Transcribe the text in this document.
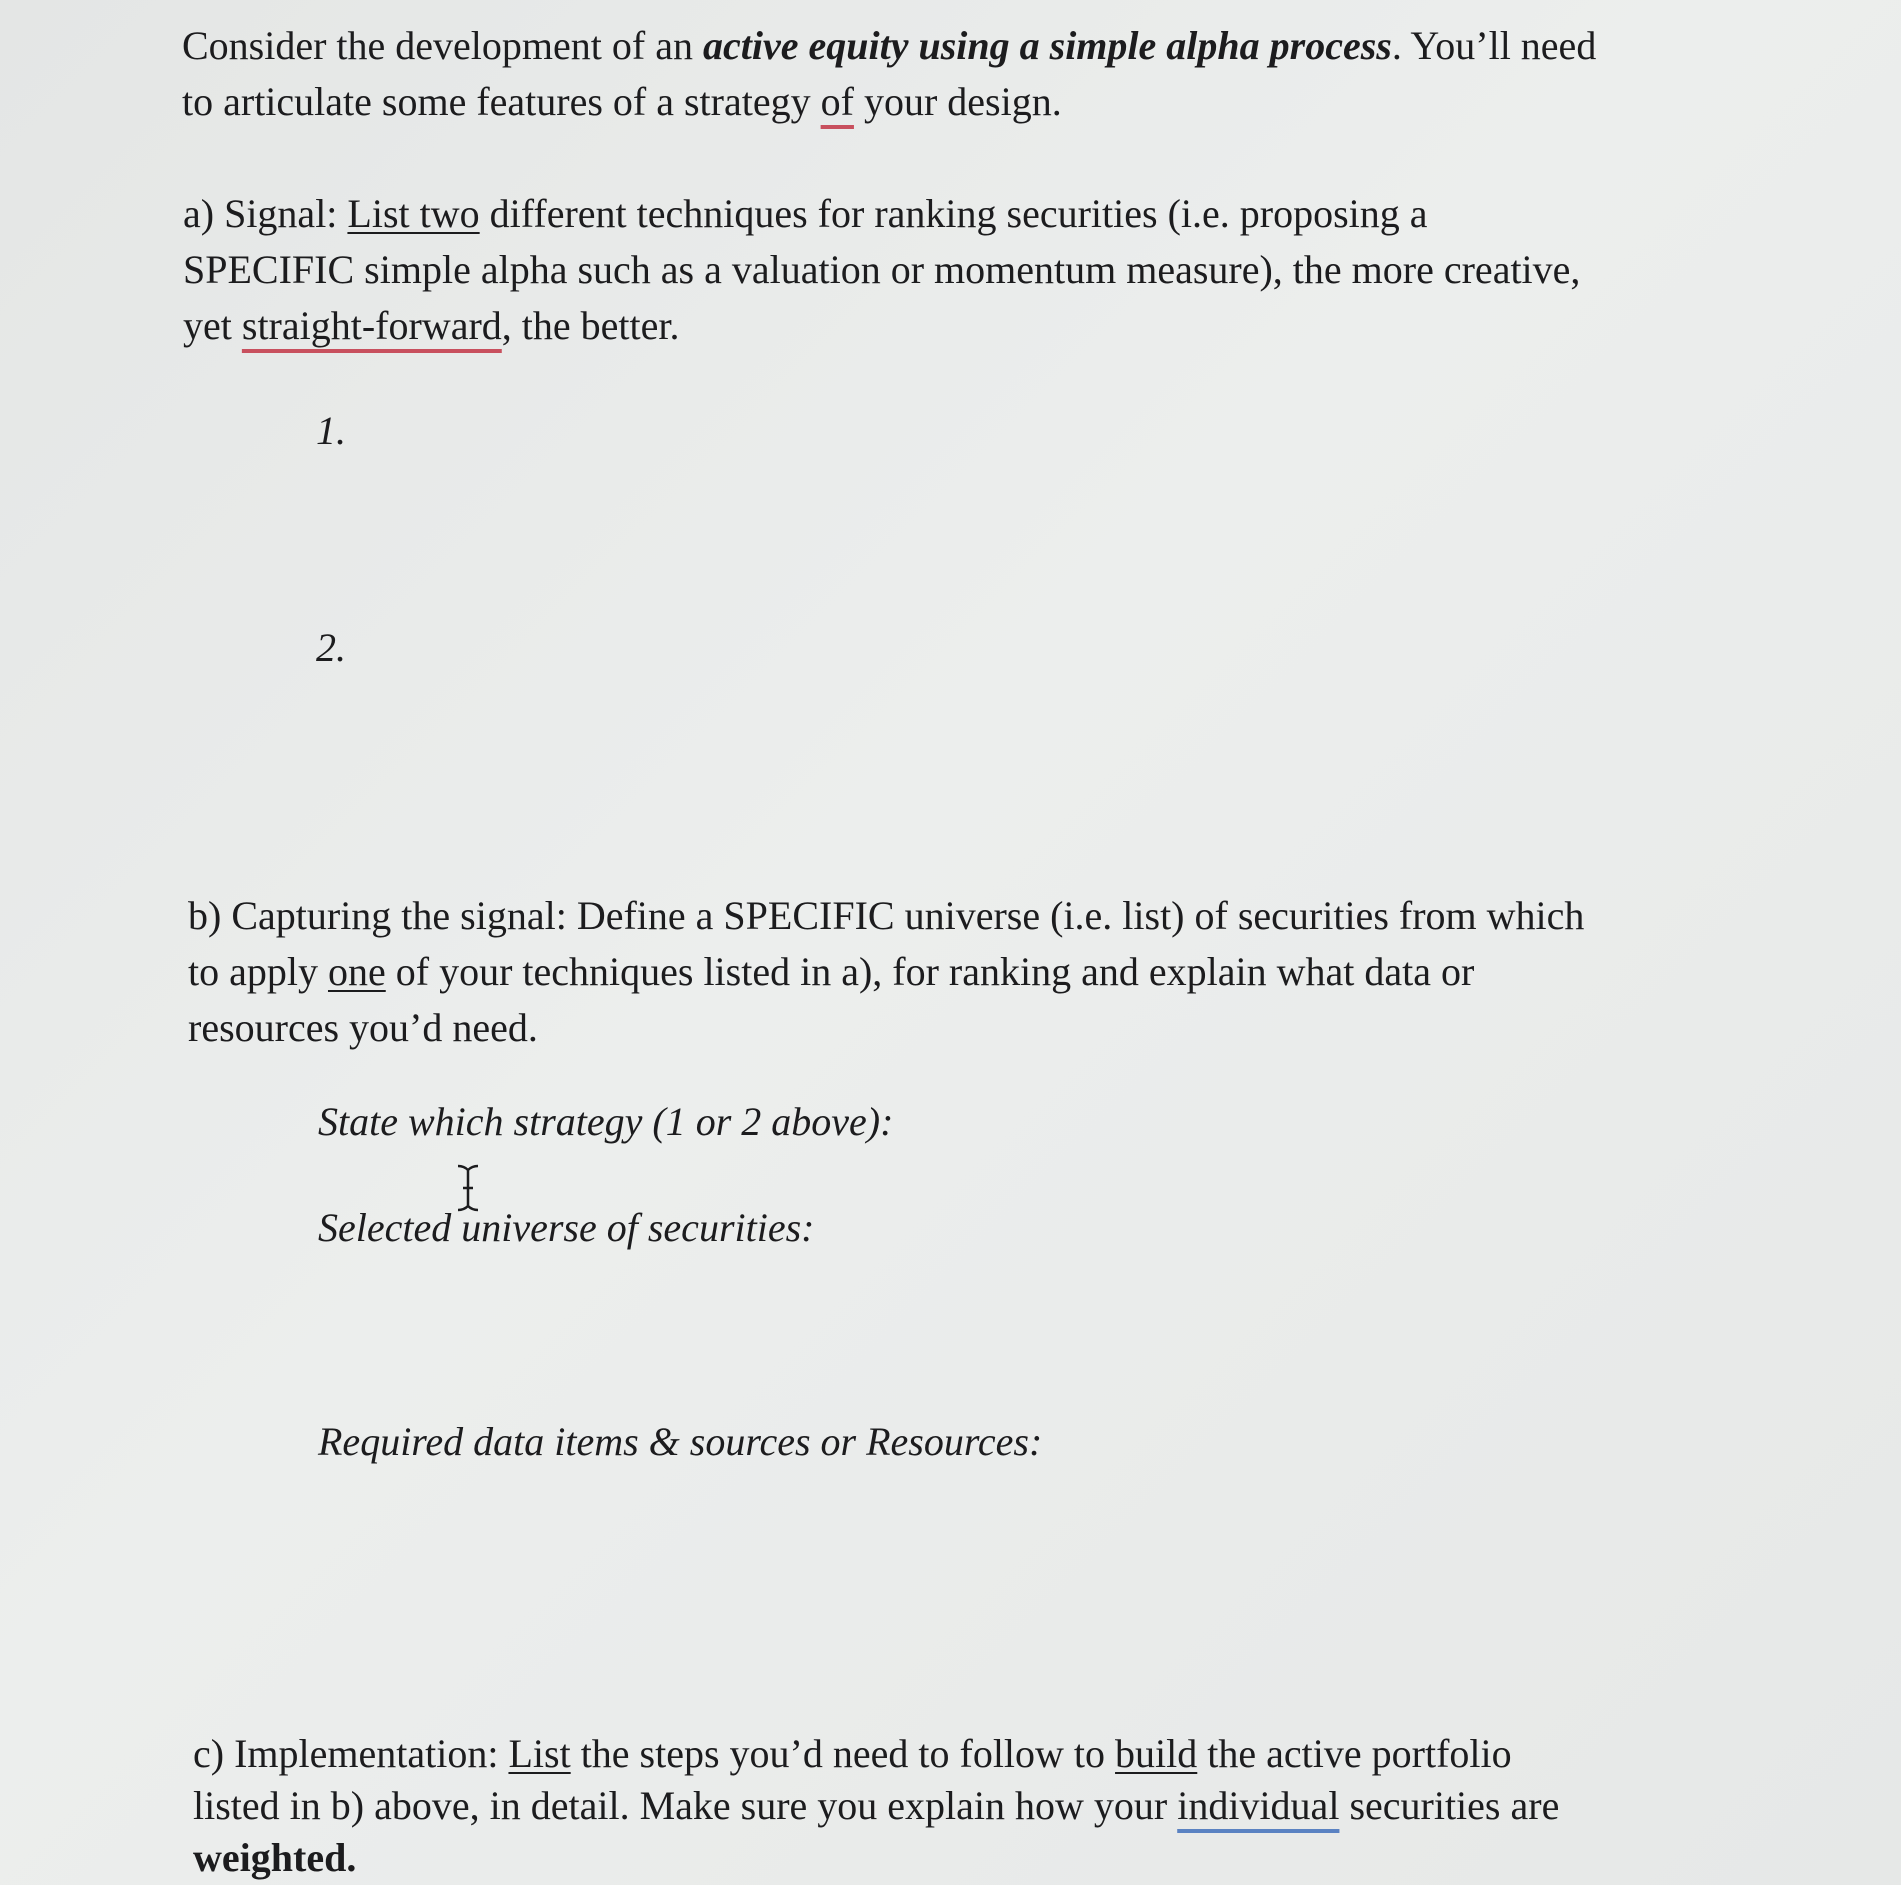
Consider the development of an active equity using a simple alpha process. You’ll need
to articulate some features of a strategy of your design.
a) Signal: List two different techniques for ranking securities (i.e. proposing a
SPECIFIC simple alpha such as a valuation or momentum measure), the more creative,
yet straight-forward, the better.
1.
2.
b) Capturing the signal: Define a SPECIFIC universe (i.e. list) of securities from which
to apply one of your techniques listed in a), for ranking and explain what data or
resources you’d need.
State which strategy (1 or 2 above):
Selected universe of securities:
Required data items & sources or Resources:
c) Implementation: List the steps you’d need to follow to build the active portfolio
listed in b) above, in detail. Make sure you explain how your individual securities are
weighted.
